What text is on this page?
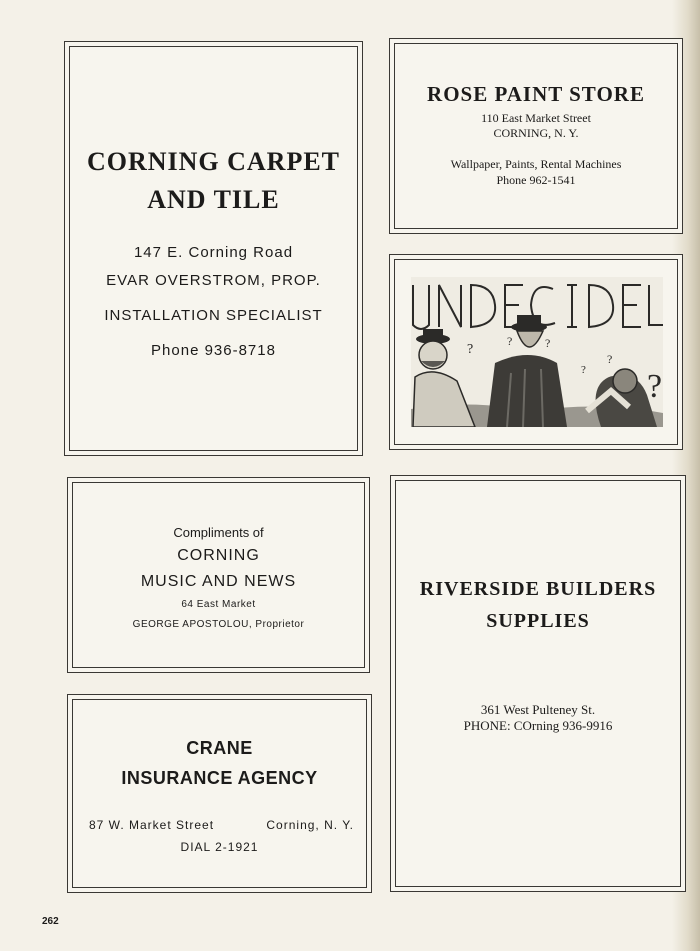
CORNING CARPET
AND TILE
147 E. Corning Road
EVAR OVERSTROM, PROP.
INSTALLATION SPECIALIST
Phone 936-8718
ROSE PAINT STORE
110 East Market Street
CORNING, N. Y.
Wallpaper, Paints, Rental Machines
Phone 962-1541
?
?	?
?
?
?
Compliments of
CORNING
MUSIC AND NEWS
64 East Market
GEORGE APOSTOLOU, Proprietor
CRANE
INSURANCE AGENCY
87 W. Market Street	Corning, N. Y.
DIAL 2-1921
RIVERSIDE BUILDERS
SUPPLIES
361 West Pulteney St.
PHONE: COrning 936-9916
262
